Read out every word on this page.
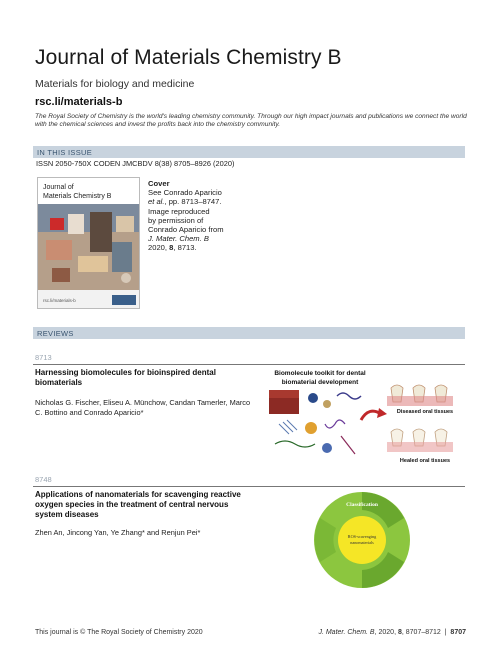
Journal of Materials Chemistry B
Materials for biology and medicine
rsc.li/materials-b
The Royal Society of Chemistry is the world's leading chemistry community. Through our high impact journals and publications we connect the world with the chemical sciences and invest the profits back into the chemistry community.
IN THIS ISSUE
ISSN 2050-750X CODEN JMCBDV 8(38) 8705–8926 (2020)
Journal of
Materials Chemistry B
rsc.li/materials-b
Cover
See Conrado Aparicio
et al., pp. 8713–8747.
Image reproduced
by permission of
Conrado Aparicio from
J. Mater. Chem. B
2020, 8, 8713.
REVIEWS
8713
Harnessing biomolecules for bioinspired dental biomaterials
Nicholas G. Fischer, Eliseu A. Münchow, Candan Tamerler, Marco C. Bottino and Conrado Aparicio*
Biomolecule toolkit for dental
biomaterial development
Diseased oral tissues
Healed oral tissues
8748
Applications of nanomaterials for scavenging reactive oxygen species in the treatment of central nervous system diseases
Zhen An, Jincong Yan, Ye Zhang* and Renjun Pei*
Classification
ROS-scavenging
nanomaterials
This journal is © The Royal Society of Chemistry 2020	J. Mater. Chem. B, 2020, 8, 8707–8712  |  8707
